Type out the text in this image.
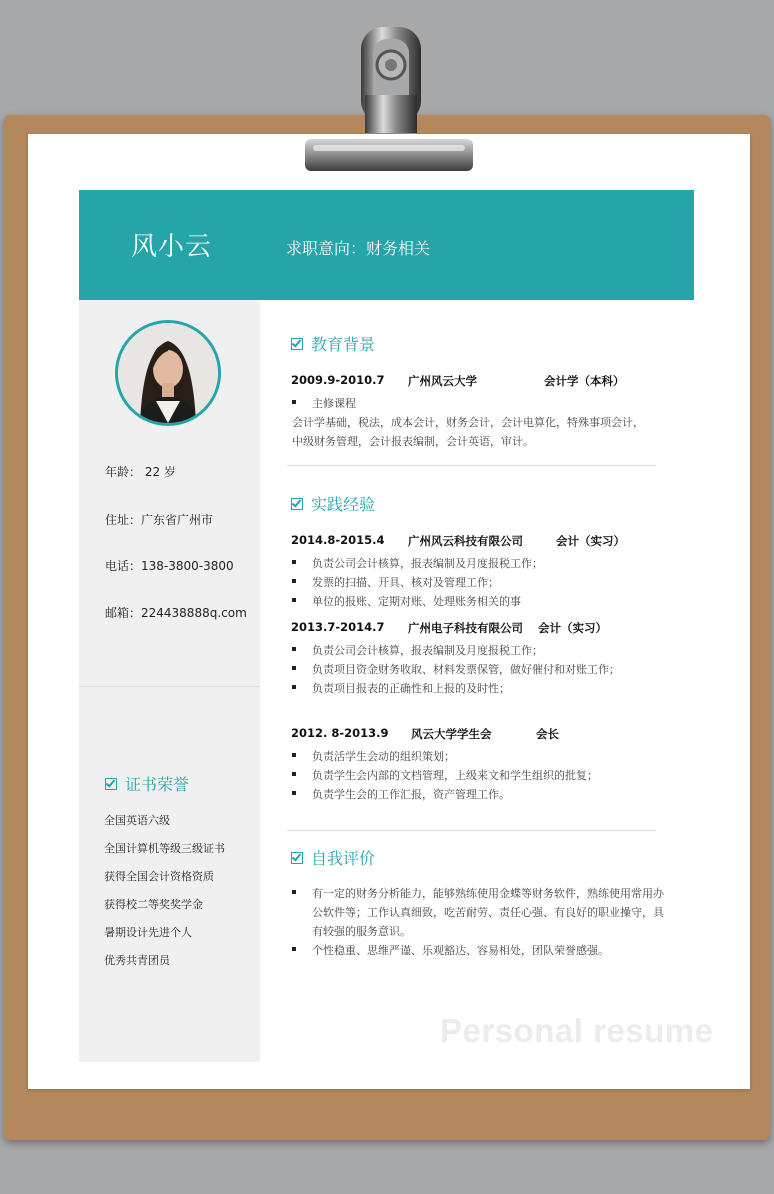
风小云	求职意向：财务相关
年龄： 22 岁
住址：广东省广州市
电话：138-3800-3800
邮箱：224438888q.com
证书荣誉
全国英语六级
全国计算机等级三级证书
获得全国会计资格资质
获得校二等奖奖学金
暑期设计先进个人
优秀共青团员
教育背景
2009.9-2010.7 广州风云大学	会计学（本科）
主修课程
会计学基础，税法，成本会计，财务会计，会计电算化，特殊事项会计，
中级财务管理，会计报表编制，会计英语，审计。
实践经验
2014.8-2015.4 广州风云科技有限公司	会计（实习）
负责公司会计核算，报表编制及月度报税工作；
发票的扫描、开具、核对及管理工作；
单位的报账、定期对账、处理账务相关的事
2013.7-2014.7 广州电子科技有限公司 会计（实习）
负责公司会计核算，报表编制及月度报税工作；
负责项目资金财务收取、材料发票保管，做好催付和对账工作；
负责项目报表的正确性和上报的及时性；
2012. 8-2013.9 风云大学学生会	会长
负责活学生会动的组织策划；
负责学生会内部的文档管理，上级来文和学生组织的批复；
负责学生会的工作汇报，资产管理工作。
自我评价
有一定的财务分析能力，能够熟练使用金蝶等财务软件，熟练使用常用办
公软件等；工作认真细致，吃苦耐劳、责任心强、有良好的职业操守，具
有较强的服务意识。
个性稳重、思维严谨、乐观豁达、容易相处，团队荣誉感强。
Personal resume
